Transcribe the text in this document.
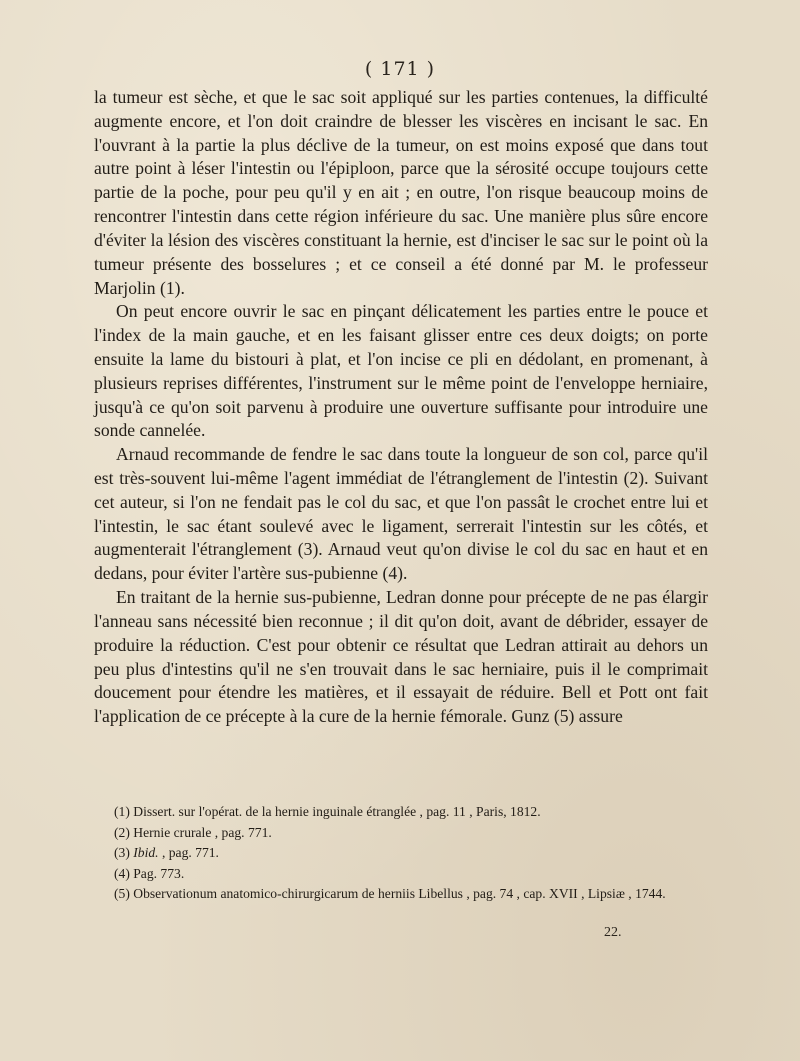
( 171 )

la tumeur est sèche, et que le sac soit appliqué sur les parties contenues, la difficulté augmente encore, et l'on doit craindre de blesser les viscères en incisant le sac. En l'ouvrant à la partie la plus déclive de la tumeur, on est moins exposé que dans tout autre point à léser l'intestin ou l'épiploon, parce que la sérosité occupe toujours cette partie de la poche, pour peu qu'il y en ait ; en outre, l'on risque beaucoup moins de rencontrer l'intestin dans cette région inférieure du sac. Une manière plus sûre encore d'éviter la lésion des viscères constituant la hernie, est d'inciser le sac sur le point où la tumeur présente des bosselures ; et ce conseil a été donné par M. le professeur Marjolin (1).

On peut encore ouvrir le sac en pinçant délicatement les parties entre le pouce et l'index de la main gauche, et en les faisant glisser entre ces deux doigts; on porte ensuite la lame du bistouri à plat, et l'on incise ce pli en dédolant, en promenant, à plusieurs reprises différentes, l'instrument sur le même point de l'enveloppe herniaire, jusqu'à ce qu'on soit parvenu à produire une ouverture suffisante pour introduire une sonde cannelée.

Arnaud recommande de fendre le sac dans toute la longueur de son col, parce qu'il est très-souvent lui-même l'agent immédiat de l'étranglement de l'intestin (2). Suivant cet auteur, si l'on ne fendait pas le col du sac, et que l'on passât le crochet entre lui et l'intestin, le sac étant soulevé avec le ligament, serrerait l'intestin sur les côtés, et augmenterait l'étranglement (3). Arnaud veut qu'on divise le col du sac en haut et en dedans, pour éviter l'artère sus-pubienne (4).

En traitant de la hernie sus-pubienne, Ledran donne pour précepte de ne pas élargir l'anneau sans nécessité bien reconnue ; il dit qu'on doit, avant de débrider, essayer de produire la réduction. C'est pour obtenir ce résultat que Ledran attirait au dehors un peu plus d'intestins qu'il ne s'en trouvait dans le sac herniaire, puis il le comprimait doucement pour étendre les matières, et il essayait de réduire. Bell et Pott ont fait l'application de ce précepte à la cure de la hernie fémorale. Gunz (5) assure

(1) Dissert. sur l'opérat. de la hernie inguinale étranglée , pag. 11 , Paris, 1812.

(2) Hernie crurale , pag. 771.

(3) Ibid. , pag. 771.

(4) Pag. 773.

(5) Observationum anatomico-chirurgicarum de herniis Libellus , pag. 74 , cap. XVII , Lipsiæ , 1744.

22.
